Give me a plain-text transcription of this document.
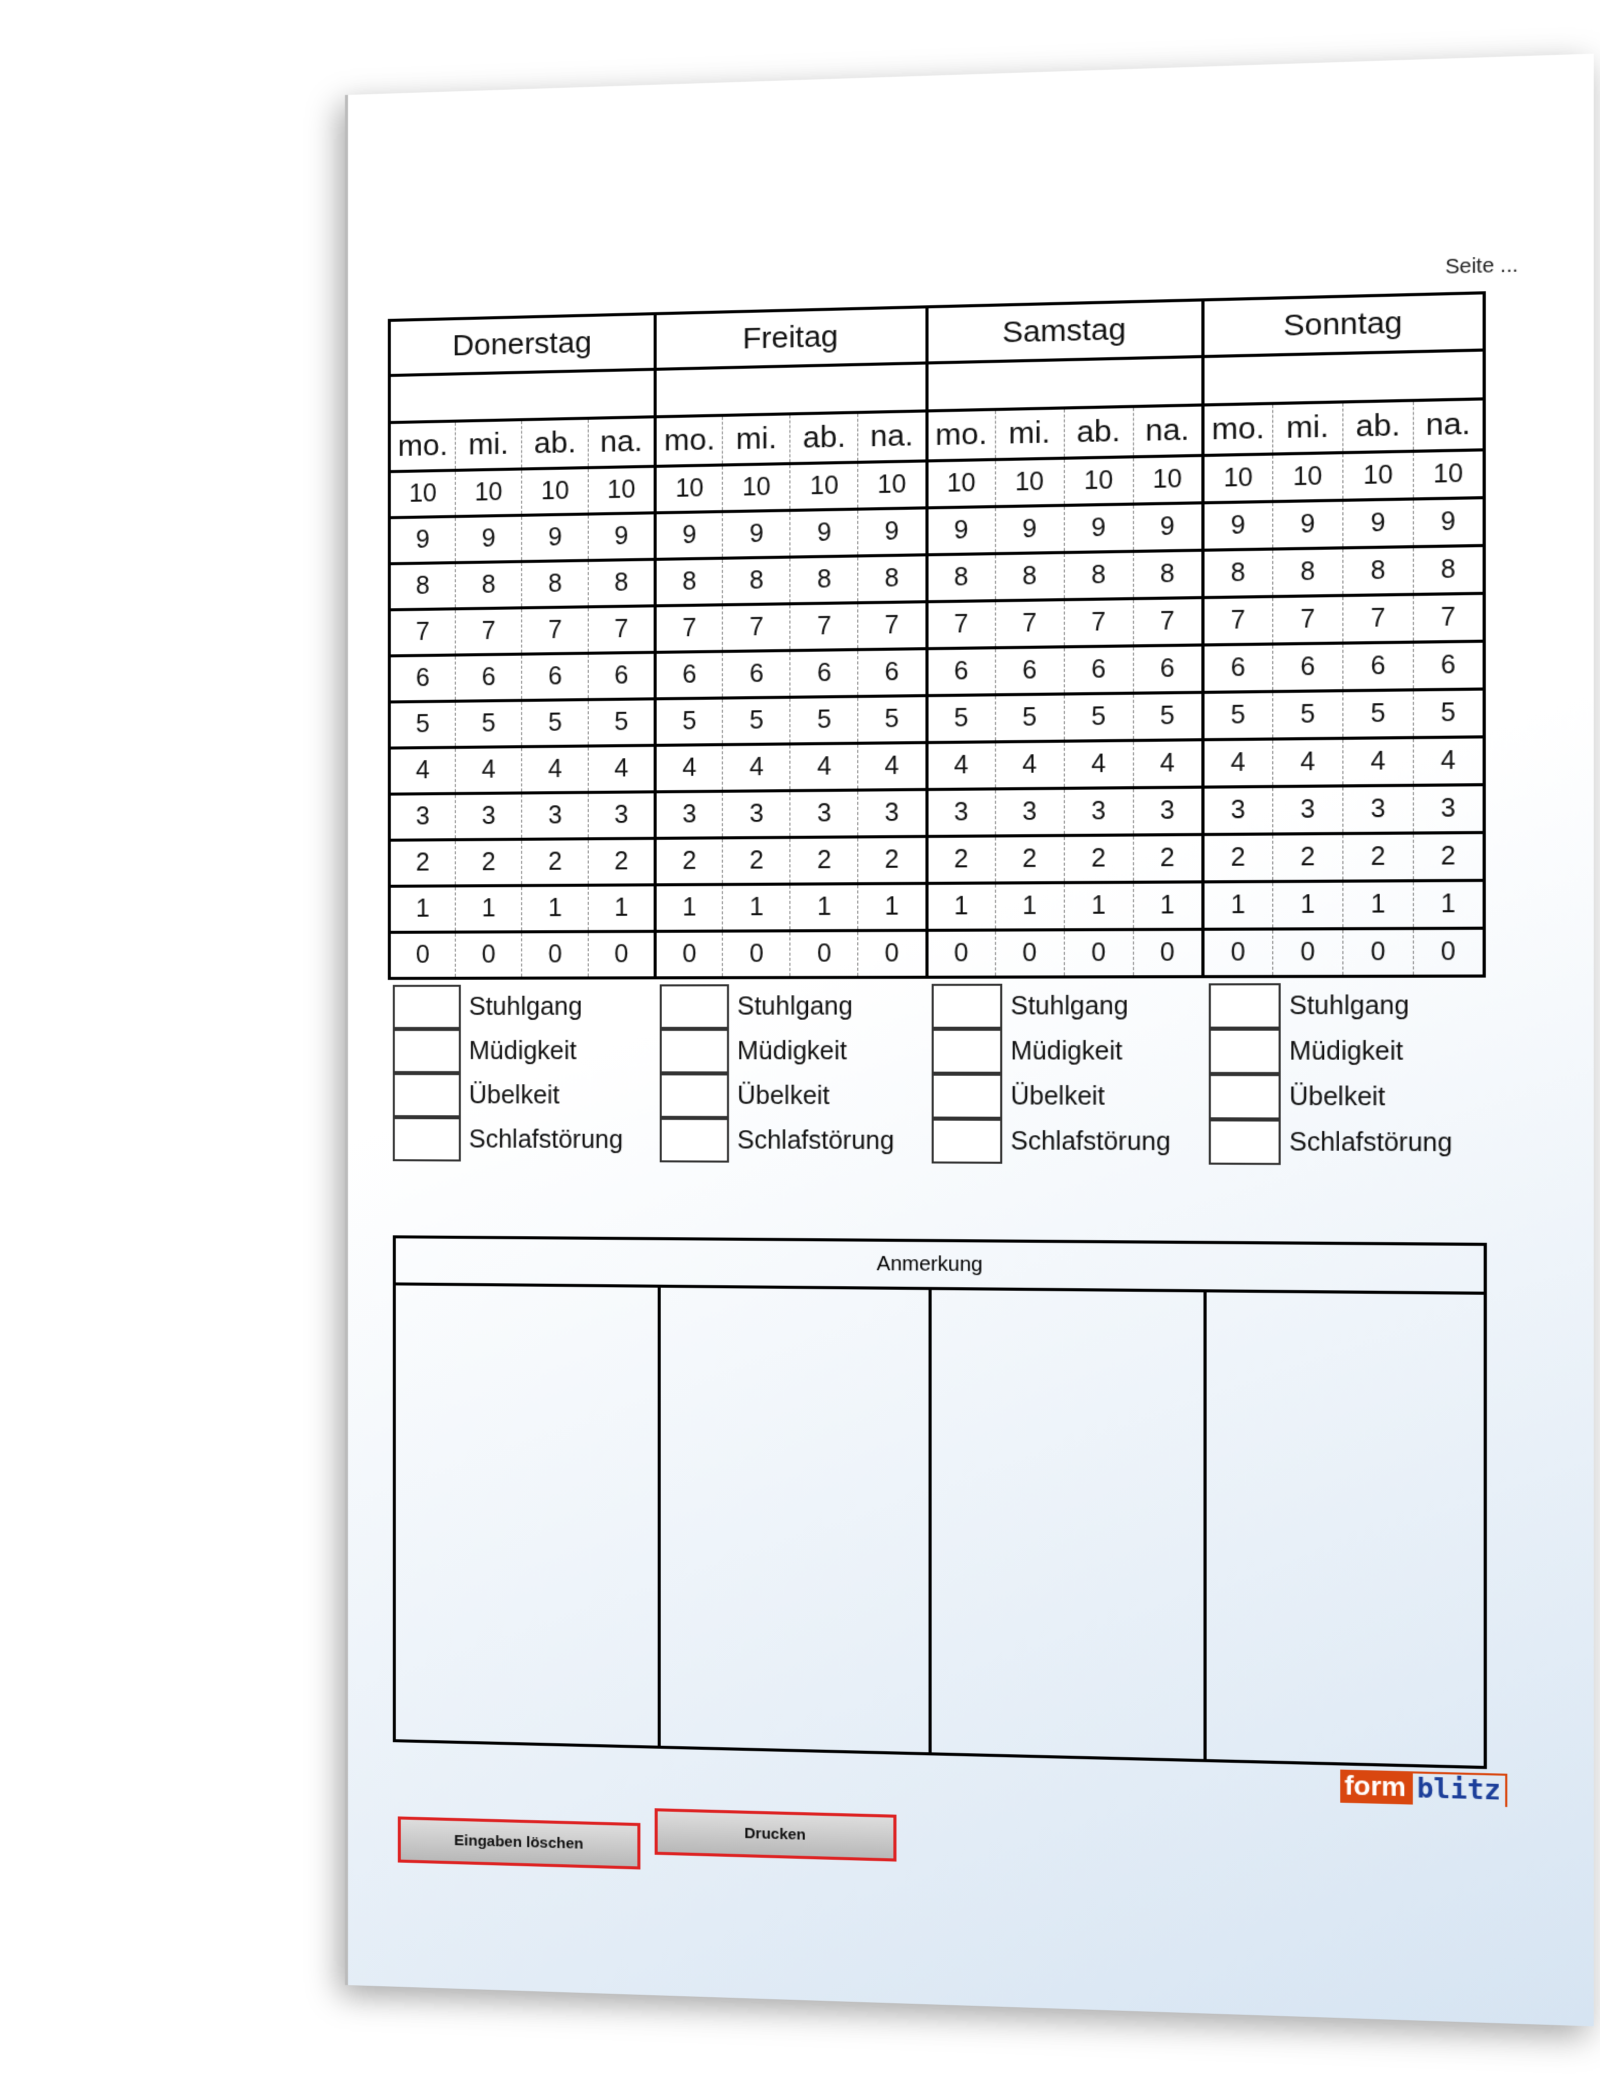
Seite ...
Donerstag				Freitag				Samstag				Sonntag			

mo.	mi.	ab.	na.	mo.	mi.	ab.	na.	mo.	mi.	ab.	na.	mo.	mi.	ab.	na.
10	10	10	10	10	10	10	10	10	10	10	10	10	10	10	10
9	9	9	9	9	9	9	9	9	9	9	9	9	9	9	9
8	8	8	8	8	8	8	8	8	8	8	8	8	8	8	8
7	7	7	7	7	7	7	7	7	7	7	7	7	7	7	7
6	6	6	6	6	6	6	6	6	6	6	6	6	6	6	6
5	5	5	5	5	5	5	5	5	5	5	5	5	5	5	5
4	4	4	4	4	4	4	4	4	4	4	4	4	4	4	4
3	3	3	3	3	3	3	3	3	3	3	3	3	3	3	3
2	2	2	2	2	2	2	2	2	2	2	2	2	2	2	2
1	1	1	1	1	1	1	1	1	1	1	1	1	1	1	1
0	0	0	0	0	0	0	0	0	0	0	0	0	0	0	0
Stuhlgang
Müdigkeit
Übelkeit
Schlafstörung
Stuhlgang
Müdigkeit
Übelkeit
Schlafstörung
Stuhlgang
Müdigkeit
Übelkeit
Schlafstörung
Stuhlgang
Müdigkeit
Übelkeit
Schlafstörung
Anmerkung
form blitz
Eingaben löschen	Drucken
